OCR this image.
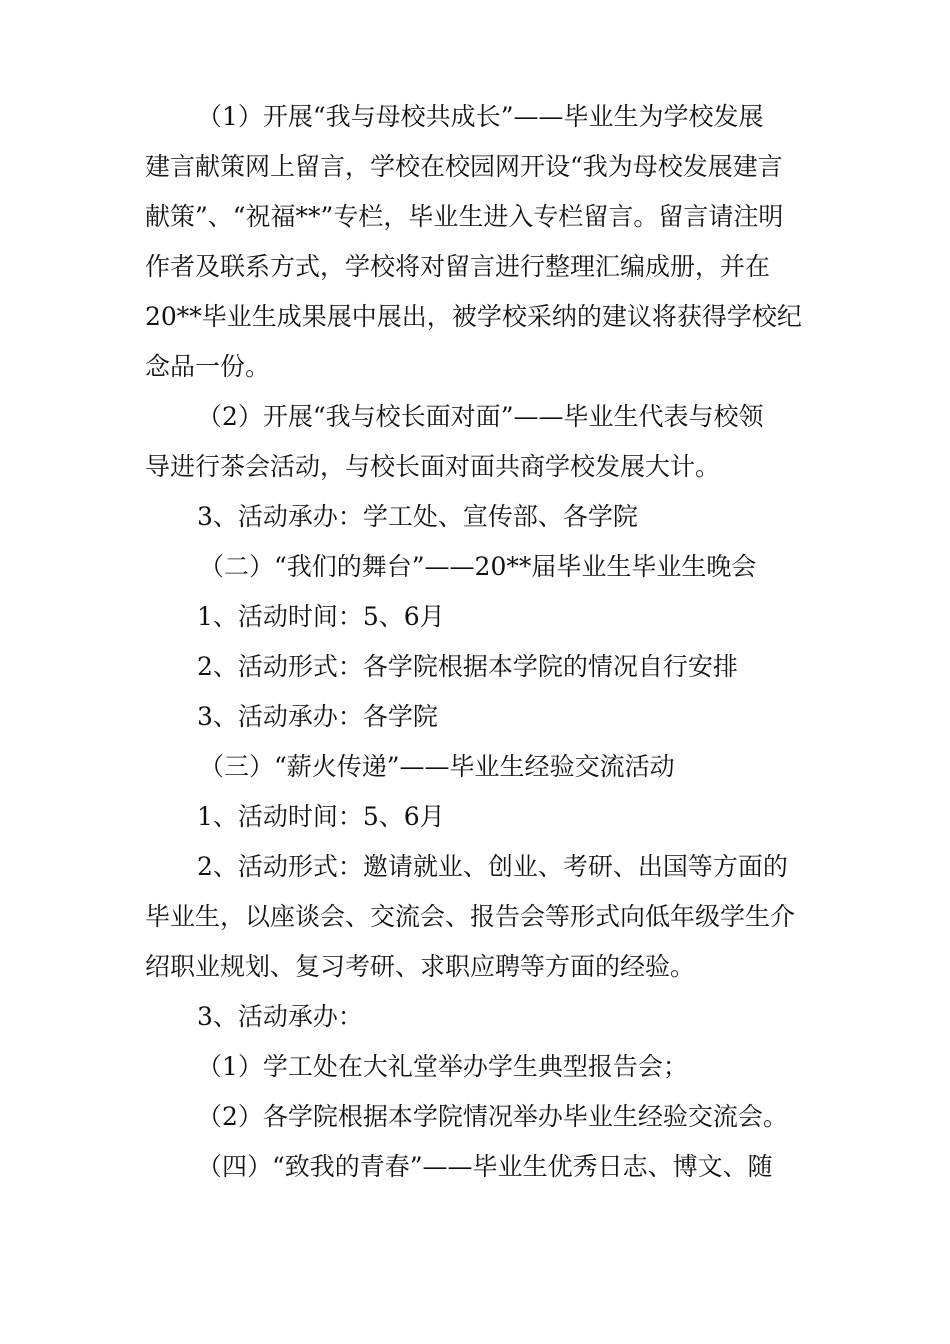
（1）开展“我与母校共成长”——毕业生为学校发展
建言献策网上留言，学校在校园网开设“我为母校发展建言
献策”、“祝福**”专栏，毕业生进入专栏留言。留言请注明
作者及联系方式，学校将对留言进行整理汇编成册，并在
20**毕业生成果展中展出，被学校采纳的建议将获得学校纪
念品一份。
（2）开展“我与校长面对面”——毕业生代表与校领
导进行茶会活动，与校长面对面共商学校发展大计。
3、活动承办：学工处、宣传部、各学院
（二）“我们的舞台”——20**届毕业生毕业生晚会
1、活动时间：5、6月
2、活动形式：各学院根据本学院的情况自行安排
3、活动承办：各学院
（三）“薪火传递”——毕业生经验交流活动
1、活动时间：5、6月
2、活动形式：邀请就业、创业、考研、出国等方面的
毕业生，以座谈会、交流会、报告会等形式向低年级学生介
绍职业规划、复习考研、求职应聘等方面的经验。
3、活动承办：
（1）学工处在大礼堂举办学生典型报告会；
（2）各学院根据本学院情况举办毕业生经验交流会。
（四）“致我的青春”——毕业生优秀日志、博文、随
